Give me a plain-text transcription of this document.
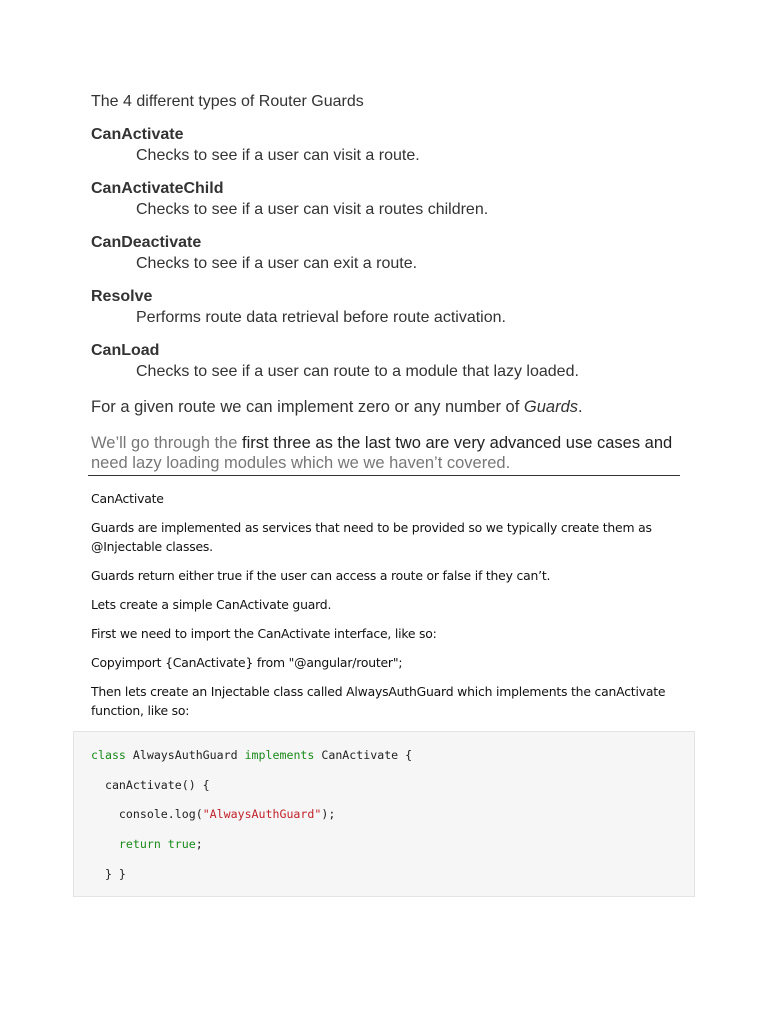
The 4 different types of Router Guards
CanActivate
Checks to see if a user can visit a route.
CanActivateChild
Checks to see if a user can visit a routes children.
CanDeactivate
Checks to see if a user can exit a route.
Resolve
Performs route data retrieval before route activation.
CanLoad
Checks to see if a user can route to a module that lazy loaded.
For a given route we can implement zero or any number of Guards.
We’ll go through the first three as the last two are very advanced use cases and need lazy loading modules which we we haven’t covered.

CanActivate

Guards are implemented as services that need to be provided so we typically create them as @Injectable classes.

Guards return either true if the user can access a route or false if they can’t.

Lets create a simple CanActivate guard.

First we need to import the CanActivate interface, like so:

Copyimport {CanActivate} from "@angular/router";

Then lets create an Injectable class called AlwaysAuthGuard which implements the canActivate function, like so:

class AlwaysAuthGuard implements CanActivate {
canActivate() {
console.log("AlwaysAuthGuard");
return true;
} }
